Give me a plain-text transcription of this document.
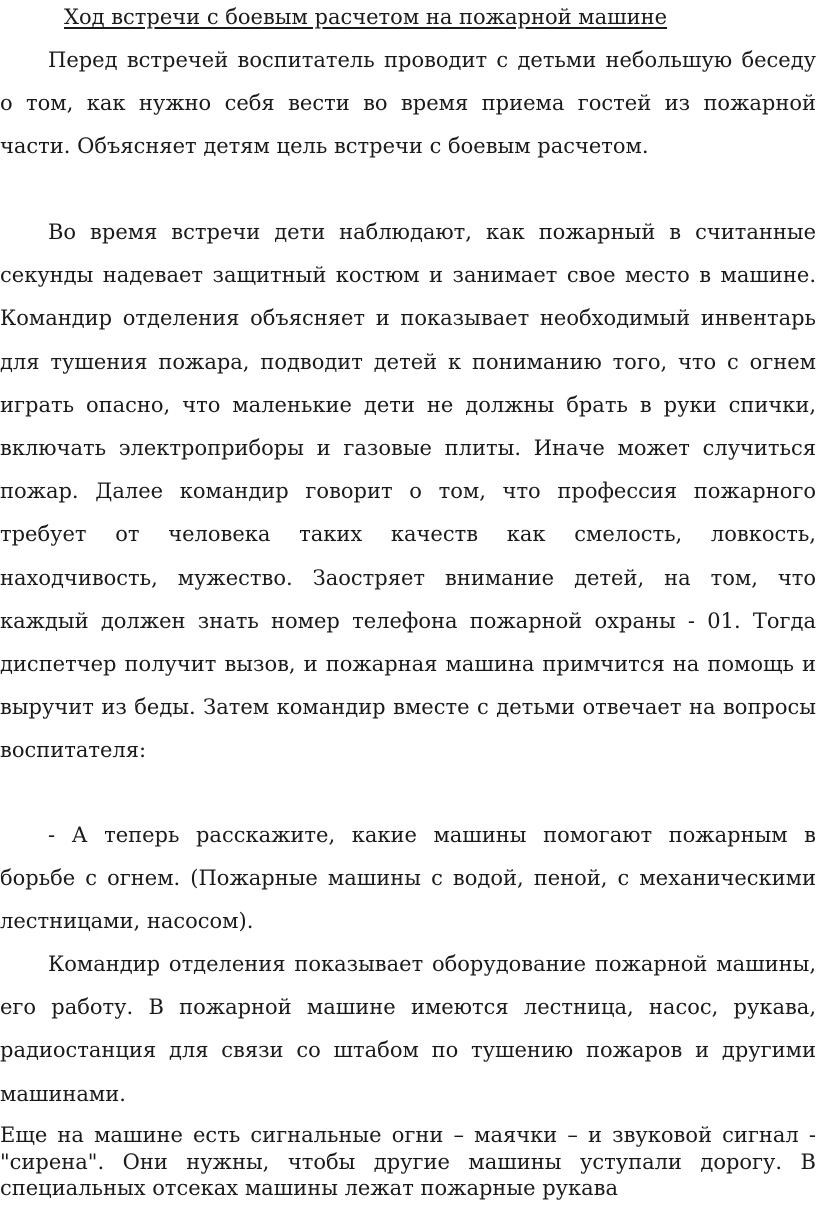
Ход встречи с боевым расчетом на пожарной машине

Перед встречей воспитатель проводит с детьми небольшую беседу о том, как нужно себя вести во время приема гостей из пожарной части. Объясняет детям цель встречи с боевым расчетом.

Во время встречи дети наблюдают, как пожарный в считанные секунды надевает защитный костюм и занимает свое место в машине. Командир отделения объясняет и показывает необходимый инвентарь для тушения пожара, подводит детей к пониманию того, что с огнем играть опасно, что маленькие дети не должны брать в руки спички, включать электроприборы и газовые плиты. Иначе может случиться пожар. Далее командир говорит о том, что профессия пожарного требует от человека таких качеств как смелость, ловкость, находчивость, мужество. Заостряет внимание детей, на том, что каждый должен знать номер телефона пожарной охраны - 01. Тогда диспетчер получит вызов, и пожарная машина примчится на помощь и выручит из беды. Затем командир вместе с детьми отвечает на вопросы воспитателя:

- А теперь расскажите, какие машины помогают пожарным в борьбе с огнем. (Пожарные машины с водой, пеной, с механическими лестницами, насосом).

Командир отделения показывает оборудование пожарной машины, его работу. В пожарной машине имеются лестница, насос, рукава, радиостанция для связи со штабом по тушению пожаров и другими машинами.

Еще на машине есть сигнальные огни – маячки – и звуковой сигнал - "сирена". Они нужны, чтобы другие машины уступали дорогу. В специальных отсеках машины лежат пожарные рукава
